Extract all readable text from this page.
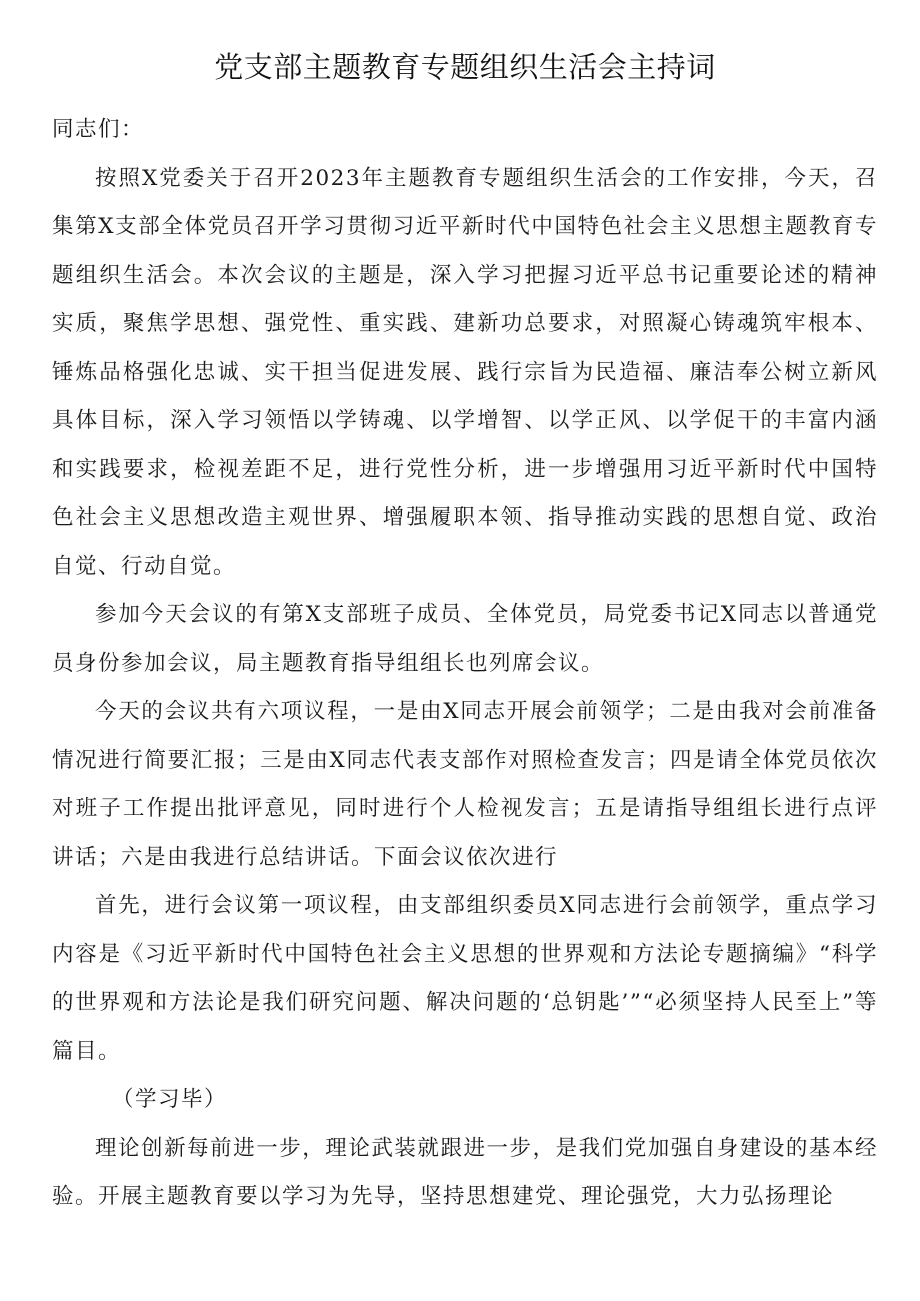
党支部主题教育专题组织生活会主持词

同志们：

按照X党委关于召开2023年主题教育专题组织生活会的工作安排，今天，召集第X支部全体党员召开学习贯彻习近平新时代中国特色社会主义思想主题教育专题组织生活会。本次会议的主题是，深入学习把握习近平总书记重要论述的精神实质，聚焦学思想、强党性、重实践、建新功总要求，对照凝心铸魂筑牢根本、锤炼品格强化忠诚、实干担当促进发展、践行宗旨为民造福、廉洁奉公树立新风具体目标，深入学习领悟以学铸魂、以学增智、以学正风、以学促干的丰富内涵和实践要求，检视差距不足，进行党性分析，进一步增强用习近平新时代中国特色社会主义思想改造主观世界、增强履职本领、指导推动实践的思想自觉、政治自觉、行动自觉。

参加今天会议的有第X支部班子成员、全体党员，局党委书记X同志以普通党员身份参加会议，局主题教育指导组组长也列席会议。

今天的会议共有六项议程，一是由X同志开展会前领学；二是由我对会前准备情况进行简要汇报；三是由X同志代表支部作对照检查发言；四是请全体党员依次对班子工作提出批评意见，同时进行个人检视发言；五是请指导组组长进行点评讲话；六是由我进行总结讲话。下面会议依次进行

首先，进行会议第一项议程，由支部组织委员X同志进行会前领学，重点学习内容是《习近平新时代中国特色社会主义思想的世界观和方法论专题摘编》“科学的世界观和方法论是我们研究问题、解决问题的‘总钥匙’”“必须坚持人民至上”等篇目。

（学习毕）

理论创新每前进一步，理论武装就跟进一步，是我们党加强自身建设的基本经验。开展主题教育要以学习为先导，坚持思想建党、理论强党，大力弘扬理论
